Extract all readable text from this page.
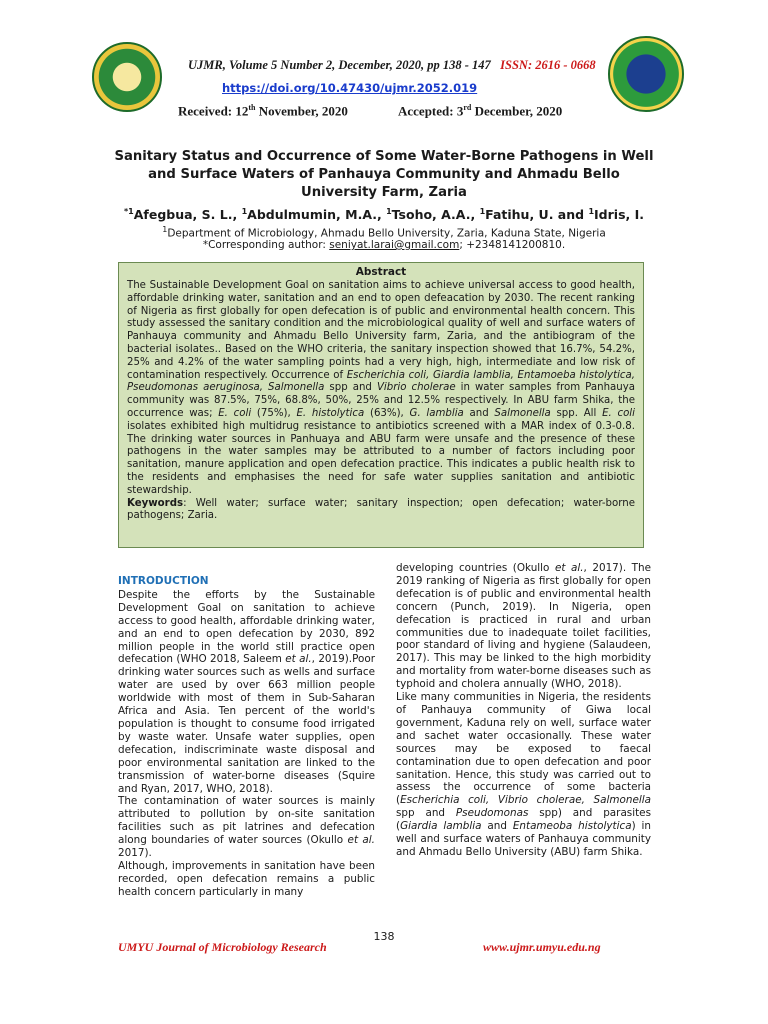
UJMR, Volume 5 Number 2, December, 2020, pp 138 - 147 ISSN: 2616 - 0668
https://doi.org/10.47430/ujmr.2052.019
Received: 12th November, 2020	Accepted: 3rd December, 2020
Sanitary Status and Occurrence of Some Water-Borne Pathogens in Well and Surface Waters of Panhauya Community and Ahmadu Bello University Farm, Zaria
$^{*1}$Afegbua, S. L., $^1$Abdulmumin, M.A., $^1$Tsoho, A.A., $^1$Fatihu, U. and $^1$Idris, I.
$^1$Department of Microbiology, Ahmadu Bello University, Zaria, Kaduna State, Nigeria
*Corresponding author: seniyat.larai@gmail.com; +2348141200810.
Abstract

The Sustainable Development Goal on sanitation aims to achieve universal access to good health, affordable drinking water, sanitation and an end to open defeacation by 2030. The recent ranking of Nigeria as first globally for open defecation is of public and environmental health concern. This study assessed the sanitary condition and the microbiological quality of well and surface waters of Panhauya community and Ahmadu Bello University farm, Zaria, and the antibiogram of the bacterial isolates.. Based on the WHO criteria, the sanitary inspection showed that 16.7%, 54.2%, 25% and 4.2% of the water sampling points had a very high, high, intermediate and low risk of contamination respectively. Occurrence of Escherichia coli, Giardia lamblia, Entamoeba histolytica, Pseudomonas aeruginosa, Salmonella spp and Vibrio cholerae in water samples from Panhauya community was 87.5%, 75%, 68.8%, 50%, 25% and 12.5% respectively. In ABU farm Shika, the occurrence was; E. coli (75%), E. histolytica (63%), G. lamblia and Salmonella spp. All E. coli isolates exhibited high multidrug resistance to antibiotics screened with a MAR index of 0.3-0.8. The drinking water sources in Panhuaya and ABU farm were unsafe and the presence of these pathogens in the water samples may be attributed to a number of factors including poor sanitation, manure application and open defecation practice. This indicates a public health risk to the residents and emphasises the need for safe water supplies sanitation and antibiotic stewardship.

Keywords: Well water; surface water; sanitary inspection; open defecation; water-borne pathogens; Zaria.

INTRODUCTION

Despite the efforts by the Sustainable Development Goal on sanitation to achieve access to good health, affordable drinking water, and an end to open defecation by 2030, 892 million people in the world still practice open defecation (WHO 2018, Saleem et al., 2019).Poor drinking water sources such as wells and surface water are used by over 663 million people worldwide with most of them in Sub-Saharan Africa and Asia. Ten percent of the world's population is thought to consume food irrigated by waste water. Unsafe water supplies, open defecation, indiscriminate waste disposal and poor environmental sanitation are linked to the transmission of water-borne diseases (Squire and Ryan, 2017, WHO, 2018).

The contamination of water sources is mainly attributed to pollution by on-site sanitation facilities such as pit latrines and defecation along boundaries of water sources (Okullo et al. 2017).

Although, improvements in sanitation have been recorded, open defecation remains a public health concern particularly in many

developing countries (Okullo et al., 2017). The 2019 ranking of Nigeria as first globally for open defecation is of public and environmental health concern (Punch, 2019). In Nigeria, open defecation is practiced in rural and urban communities due to inadequate toilet facilities, poor standard of living and hygiene (Salaudeen, 2017). This may be linked to the high morbidity and mortality from water-borne diseases such as typhoid and cholera annually (WHO, 2018).

Like many communities in Nigeria, the residents of Panhauya community of Giwa local government, Kaduna rely on well, surface water and sachet water occasionally. These water sources may be exposed to faecal contamination due to open defecation and poor sanitation. Hence, this study was carried out to assess the occurrence of some bacteria (Escherichia coli, Vibrio cholerae, Salmonella spp and Pseudomonas spp) and parasites (Giardia lamblia and Entameoba histolytica) in well and surface waters of Panhauya community and Ahmadu Bello University (ABU) farm Shika.

138
UMYU Journal of Microbiology Research	www.ujmr.umyu.edu.ng
